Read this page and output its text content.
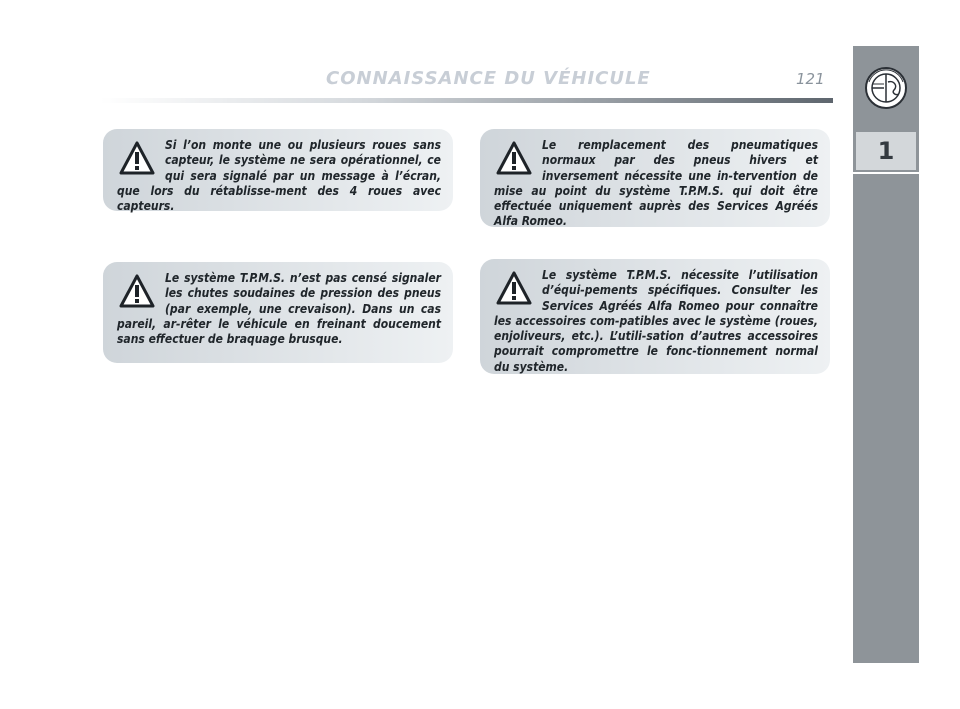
CONNAISSANCE DU VÉHICULE	121
1

Si l’on monte une ou plusieurs roues sans capteur, le système ne sera opérationnel, ce qui sera signalé par un message à l’écran, que lors du rétablisse-ment des 4 roues avec capteurs.

Le remplacement des pneumatiques normaux par des pneus hivers et inversement nécessite une in-tervention de mise au point du système T.P.M.S. qui doit être effectuée uniquement auprès des Services Agréés Alfa Romeo.

Le système T.P.M.S. n’est pas censé signaler les chutes soudaines de pression des pneus (par exemple, une crevaison). Dans un cas pareil, ar-rêter le véhicule en freinant doucement sans effectuer de braquage brusque.

Le système T.P.M.S. nécessite l’utilisation d’équi-pements spécifiques. Consulter les Services Agréés Alfa Romeo pour connaître les accessoires com-patibles avec le système (roues, enjoliveurs, etc.). L’utili-sation d’autres accessoires pourrait compromettre le fonc-tionnement normal du système.
